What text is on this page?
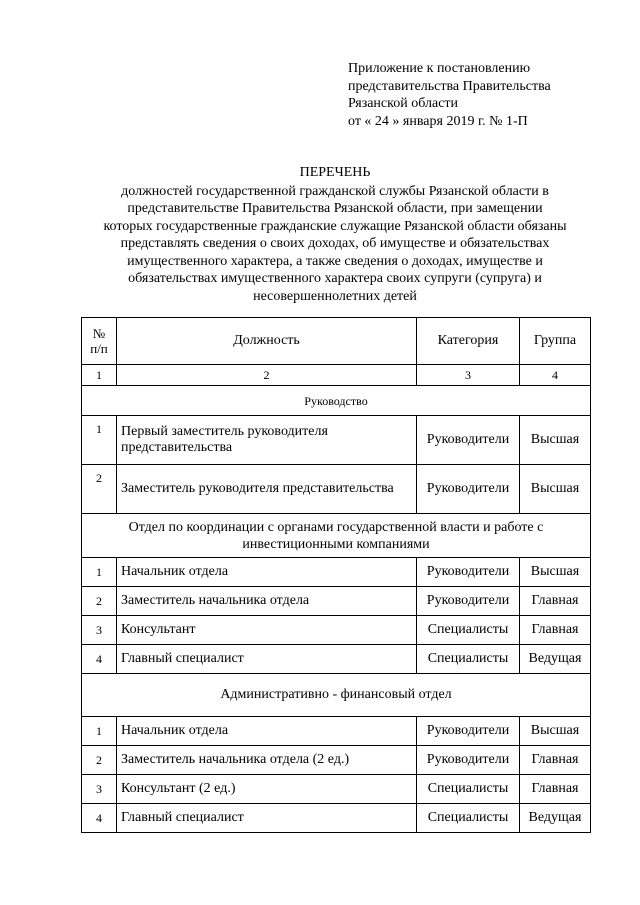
Приложение к постановлению
представительства Правительства
Рязанской области
от « 24 » января 2019 г. № 1-П
ПЕРЕЧЕНЬ
должностей государственной гражданской службы Рязанской области в
представительстве Правительства Рязанской области, при замещении
которых государственные гражданские служащие Рязанской области обязаны
представлять сведения о своих доходах, об имуществе и обязательствах
имущественного характера, а также сведения о доходах, имуществе и
обязательствах имущественного характера своих супруги (супруга) и
несовершеннолетних детей
№
п/п	Должность	Категория	Группа
1	2	3	4
Руководство			
1	Первый заместитель руководителя представительства	Руководители	Высшая
2	Заместитель руководителя представительства	Руководители	Высшая

Отдел по координации с органами государственной власти и работе с
инвестиционными компаниями			

1	Начальник отдела	Руководители	Высшая
2	Заместитель начальника отдела	Руководители	Главная
3	Консультант	Специалисты	Главная
4	Главный специалист	Специалисты	Ведущая
Административно - финансовый отдел			
1	Начальник отдела	Руководители	Высшая
2	Заместитель начальника отдела (2 ед.)	Руководители	Главная
3	Консультант (2 ед.)	Специалисты	Главная
4	Главный специалист	Специалисты	Ведущая
